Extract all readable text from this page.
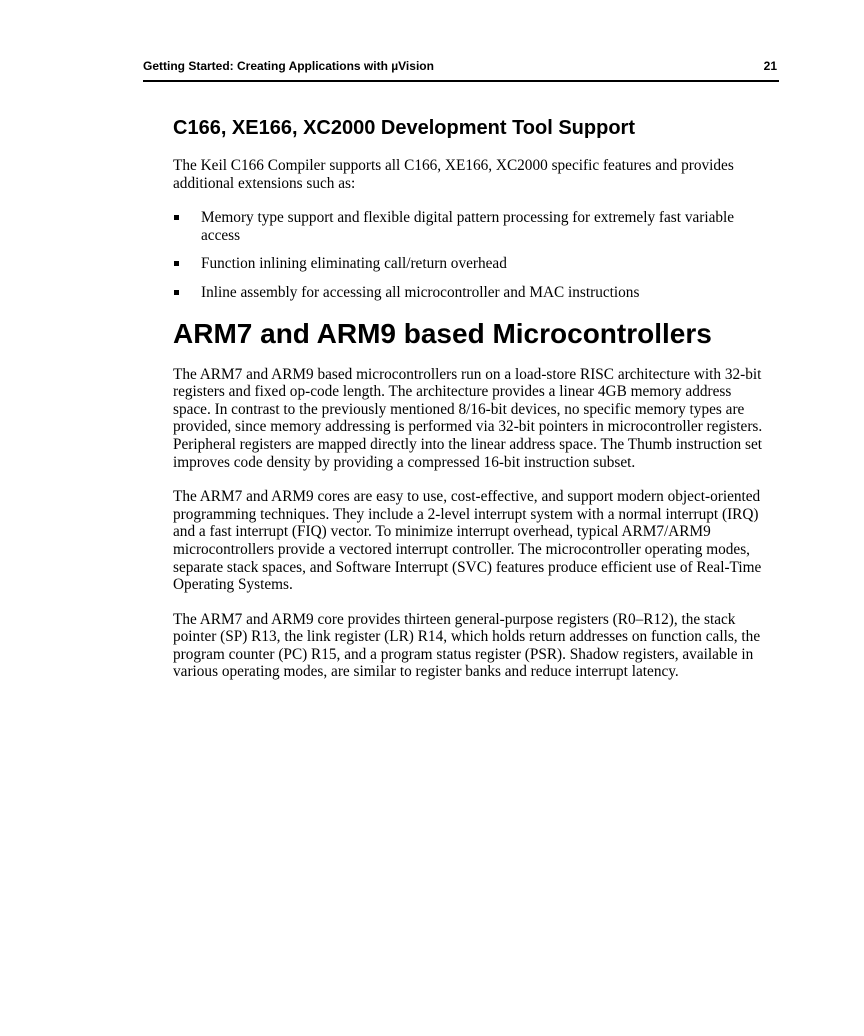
Getting Started: Creating Applications with µVision	21
C166, XE166, XC2000 Development Tool Support

The Keil C166 Compiler supports all C166, XE166, XC2000 specific features and provides additional extensions such as:

Memory type support and flexible digital pattern processing for extremely fast variable access
Function inlining eliminating call/return overhead
Inline assembly for accessing all microcontroller and MAC instructions
ARM7 and ARM9 based Microcontrollers

The ARM7 and ARM9 based microcontrollers run on a load-store RISC architecture with 32-bit registers and fixed op-code length. The architecture provides a linear 4GB memory address space. In contrast to the previously mentioned 8/16-bit devices, no specific memory types are provided, since memory addressing is performed via 32-bit pointers in microcontroller registers. Peripheral registers are mapped directly into the linear address space. The Thumb instruction set improves code density by providing a compressed 16-bit instruction subset.

The ARM7 and ARM9 cores are easy to use, cost-effective, and support modern object-oriented programming techniques. They include a 2-level interrupt system with a normal interrupt (IRQ) and a fast interrupt (FIQ) vector. To minimize interrupt overhead, typical ARM7/ARM9 microcontrollers provide a vectored interrupt controller. The microcontroller operating modes, separate stack spaces, and Software Interrupt (SVC) features produce efficient use of Real-Time Operating Systems.

The ARM7 and ARM9 core provides thirteen general-purpose registers (R0–R12), the stack pointer (SP) R13, the link register (LR) R14, which holds return addresses on function calls, the program counter (PC) R15, and a program status register (PSR). Shadow registers, available in various operating modes, are similar to register banks and reduce interrupt latency.
